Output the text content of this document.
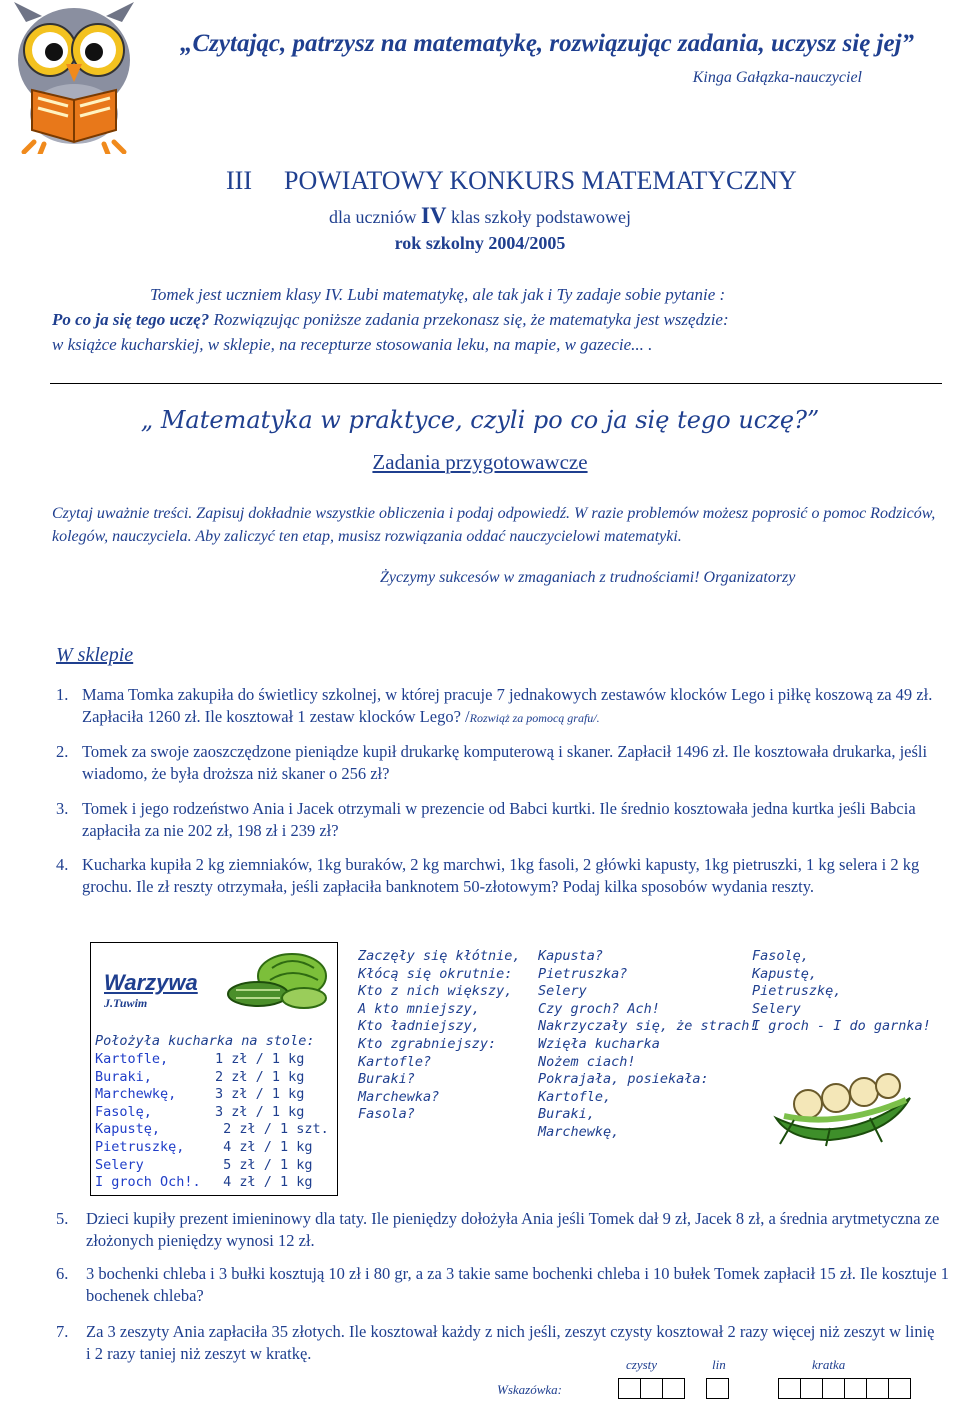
„Czytając, patrzysz na matematykę, rozwiązując zadania, uczysz się jej”
Kinga Gałązka-nauczyciel
III POWIATOWY KONKURS MATEMATYCZNY
dla uczniów IV klas szkoły podstawowej
rok szkolny 2004/2005
Tomek jest uczniem klasy IV. Lubi matematykę, ale tak jak i Ty zadaje sobie pytanie :
Po co ja się tego uczę? Rozwiązując poniższe zadania przekonasz się, że matematyka jest wszędzie:
w książce kucharskiej, w sklepie, na recepturze stosowania leku, na mapie, w gazecie... .
„ Matematyka w praktyce, czyli po co ja się tego uczę?”
Zadania przygotowawcze
Czytaj uważnie treści. Zapisuj dokładnie wszystkie obliczenia i podaj odpowiedź. W razie problemów możesz poprosić o pomoc Rodziców, kolegów, nauczyciela. Aby zaliczyć ten etap, musisz rozwiązania oddać nauczycielowi matematyki.
Życzymy sukcesów w zmaganiach z trudnościami! Organizatorzy
W sklepie
1. Mama Tomka zakupiła do świetlicy szkolnej, w której pracuje 7 jednakowych zestawów klocków Lego i piłkę koszową za 49 zł. Zapłaciła 1260 zł. Ile kosztował 1 zestaw klocków Lego? /Rozwiąż za pomocą grafu/.
2. Tomek za swoje zaoszczędzone pieniądze kupił drukarkę komputerową i skaner. Zapłacił 1496 zł. Ile kosztowała drukarka, jeśli wiadomo, że była droższa niż skaner o 256 zł?
3. Tomek i jego rodzeństwo Ania i Jacek otrzymali w prezencie od Babci kurtki. Ile średnio kosztowała jedna kurtka jeśli Babcia zapłaciła za nie 202 zł, 198 zł i 239 zł?
4. Kucharka kupiła 2 kg ziemniaków, 1kg buraków, 2 kg marchwi, 1kg fasoli, 2 główki kapusty, 1kg pietruszki, 1 kg selera i 2 kg grochu. Ile zł reszty otrzymała, jeśli zapłaciła banknotem 50-złotowym? Podaj kilka sposobów wydania reszty.
Warzywa
J.Tuwim
Położyła kucharka na stole:
Kartofle,	1 zł / 1 kg
Buraki,	2 zł / 1 kg
Marchewkę,	3 zł / 1 kg
Fasolę,	3 zł / 1 kg
Kapustę,	2 zł / 1 szt.
Pietruszkę,	4 zł / 1 kg
Selery	5 zł / 1 kg
I groch Och!.	4 zł / 1 kg
Zaczęły się kłótnie,
Kłócą się okrutnie:
Kto z nich większy,
A kto mniejszy,
Kto ładniejszy,
Kto zgrabniejszy:
Kartofle?
Buraki?
Marchewka?
Fasola?
Kapusta?
Pietruszka?
Selery
Czy groch? Ach!
Nakrzyczały się, że strach!
Wzięła kucharka
Nożem ciach!
Pokrajała, posiekała:
Kartofle,
Buraki,
Marchewkę,
Fasolę,
Kapustę,
Pietruszkę,
Selery
I groch - I do garnka!
5. Dzieci kupiły prezent imieninowy dla taty. Ile pieniędzy dołożyła Ania jeśli Tomek dał 9 zł, Jacek 8 zł, a średnia arytmetyczna ze złożonych pieniędzy wynosi 12 zł.
6. 3 bochenki chleba i 3 bułki kosztują 10 zł i 80 gr, a za 3 takie same bochenki chleba i 10 bułek Tomek zapłacił 15 zł. Ile kosztuje 1 bochenek chleba?
7. Za 3 zeszyty Ania zapłaciła 35 złotych. Ile kosztował każdy z nich jeśli, zeszyt czysty kosztował 2 razy więcej niż zeszyt w linię i 2 razy taniej niż zeszyt w kratkę.
czysty	lin	kratka
Wskazówka:
